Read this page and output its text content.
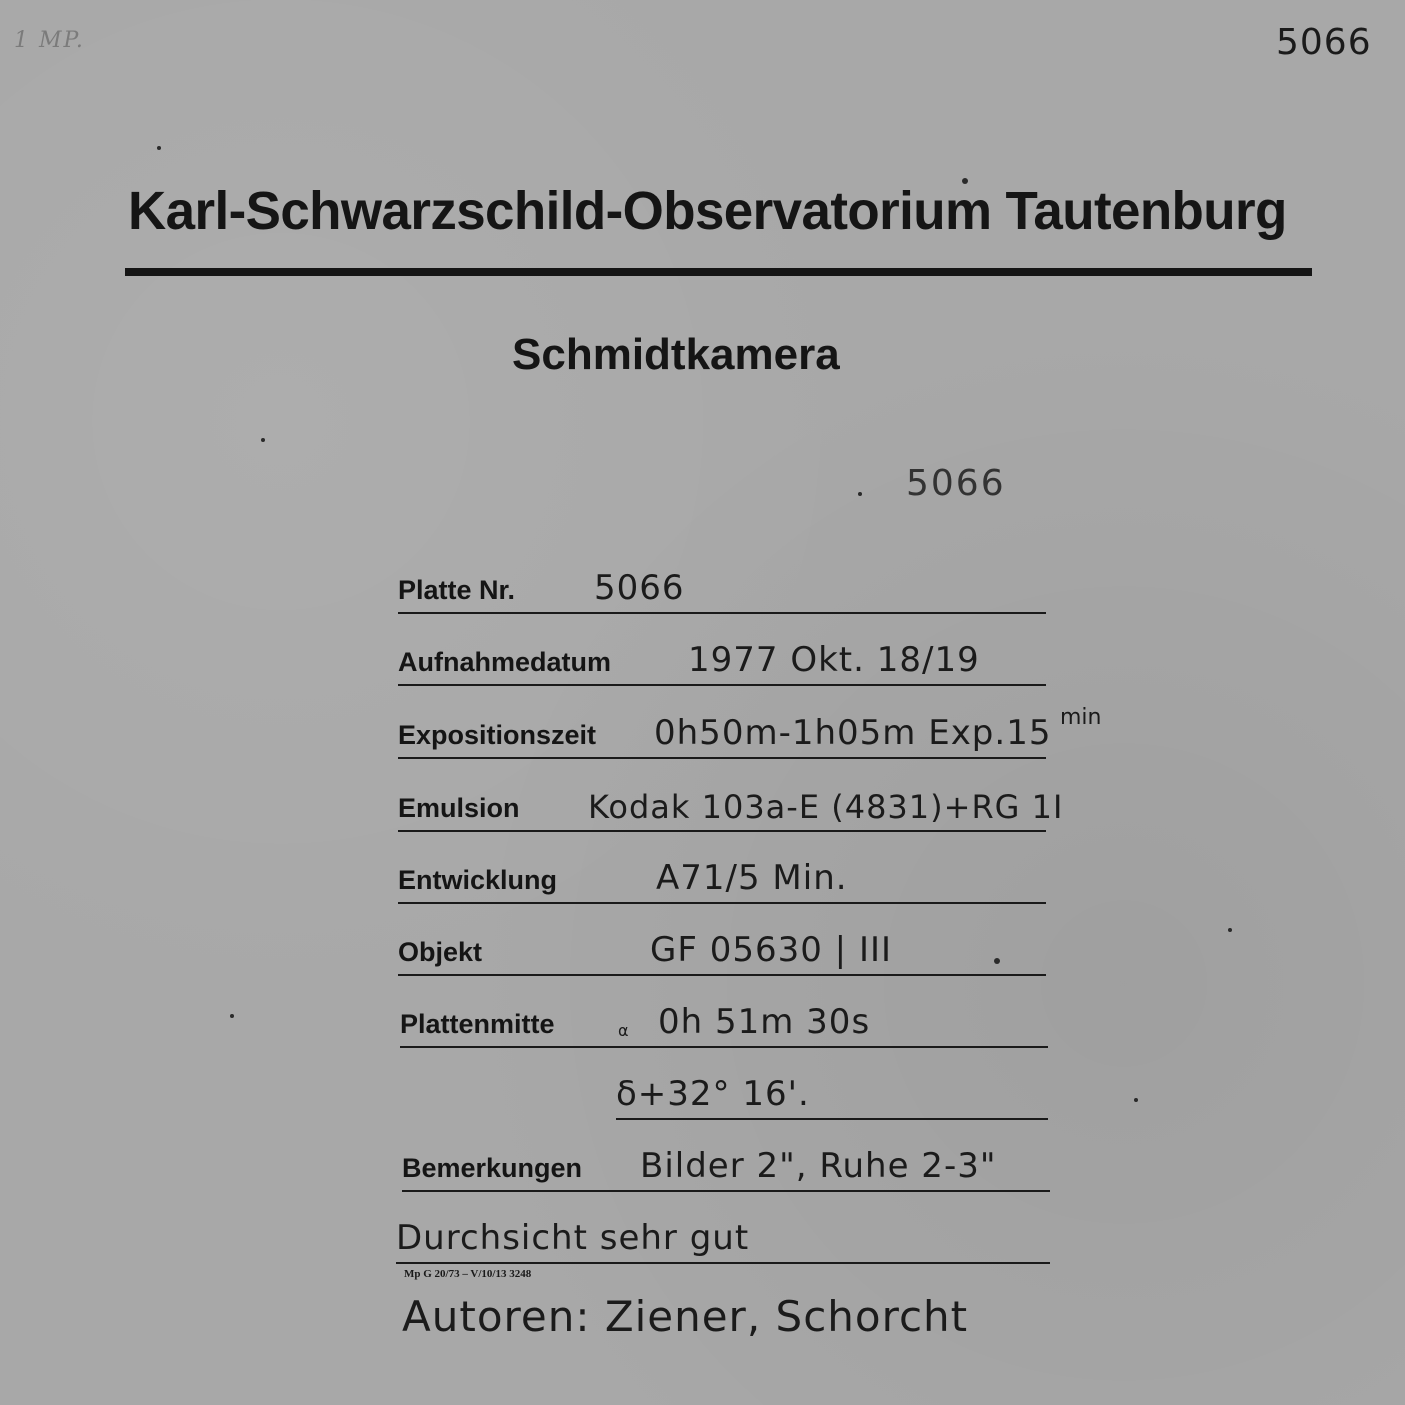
1 MP.	5066
Karl-Schwarzschild-Observatorium Tautenburg
Schmidtkamera
5066
Platte Nr. 5066
Aufnahmedatum 1977 Okt. 18/19
Expositionszeit 0h50m-1h05m Exp.15 min
Emulsion Kodak 103a-E (4831)+RG 1I
Entwicklung	A71/5 Min.
Objekt	GF 05630 | III
Plattenmitte	α 0h 51m 30s
δ+32° 16'.
Bemerkungen Bilder 2", Ruhe 2-3"
Durchsicht sehr gut
Mp G 20/73 – V/10/13 3248
Autoren: Ziener, Schorcht
